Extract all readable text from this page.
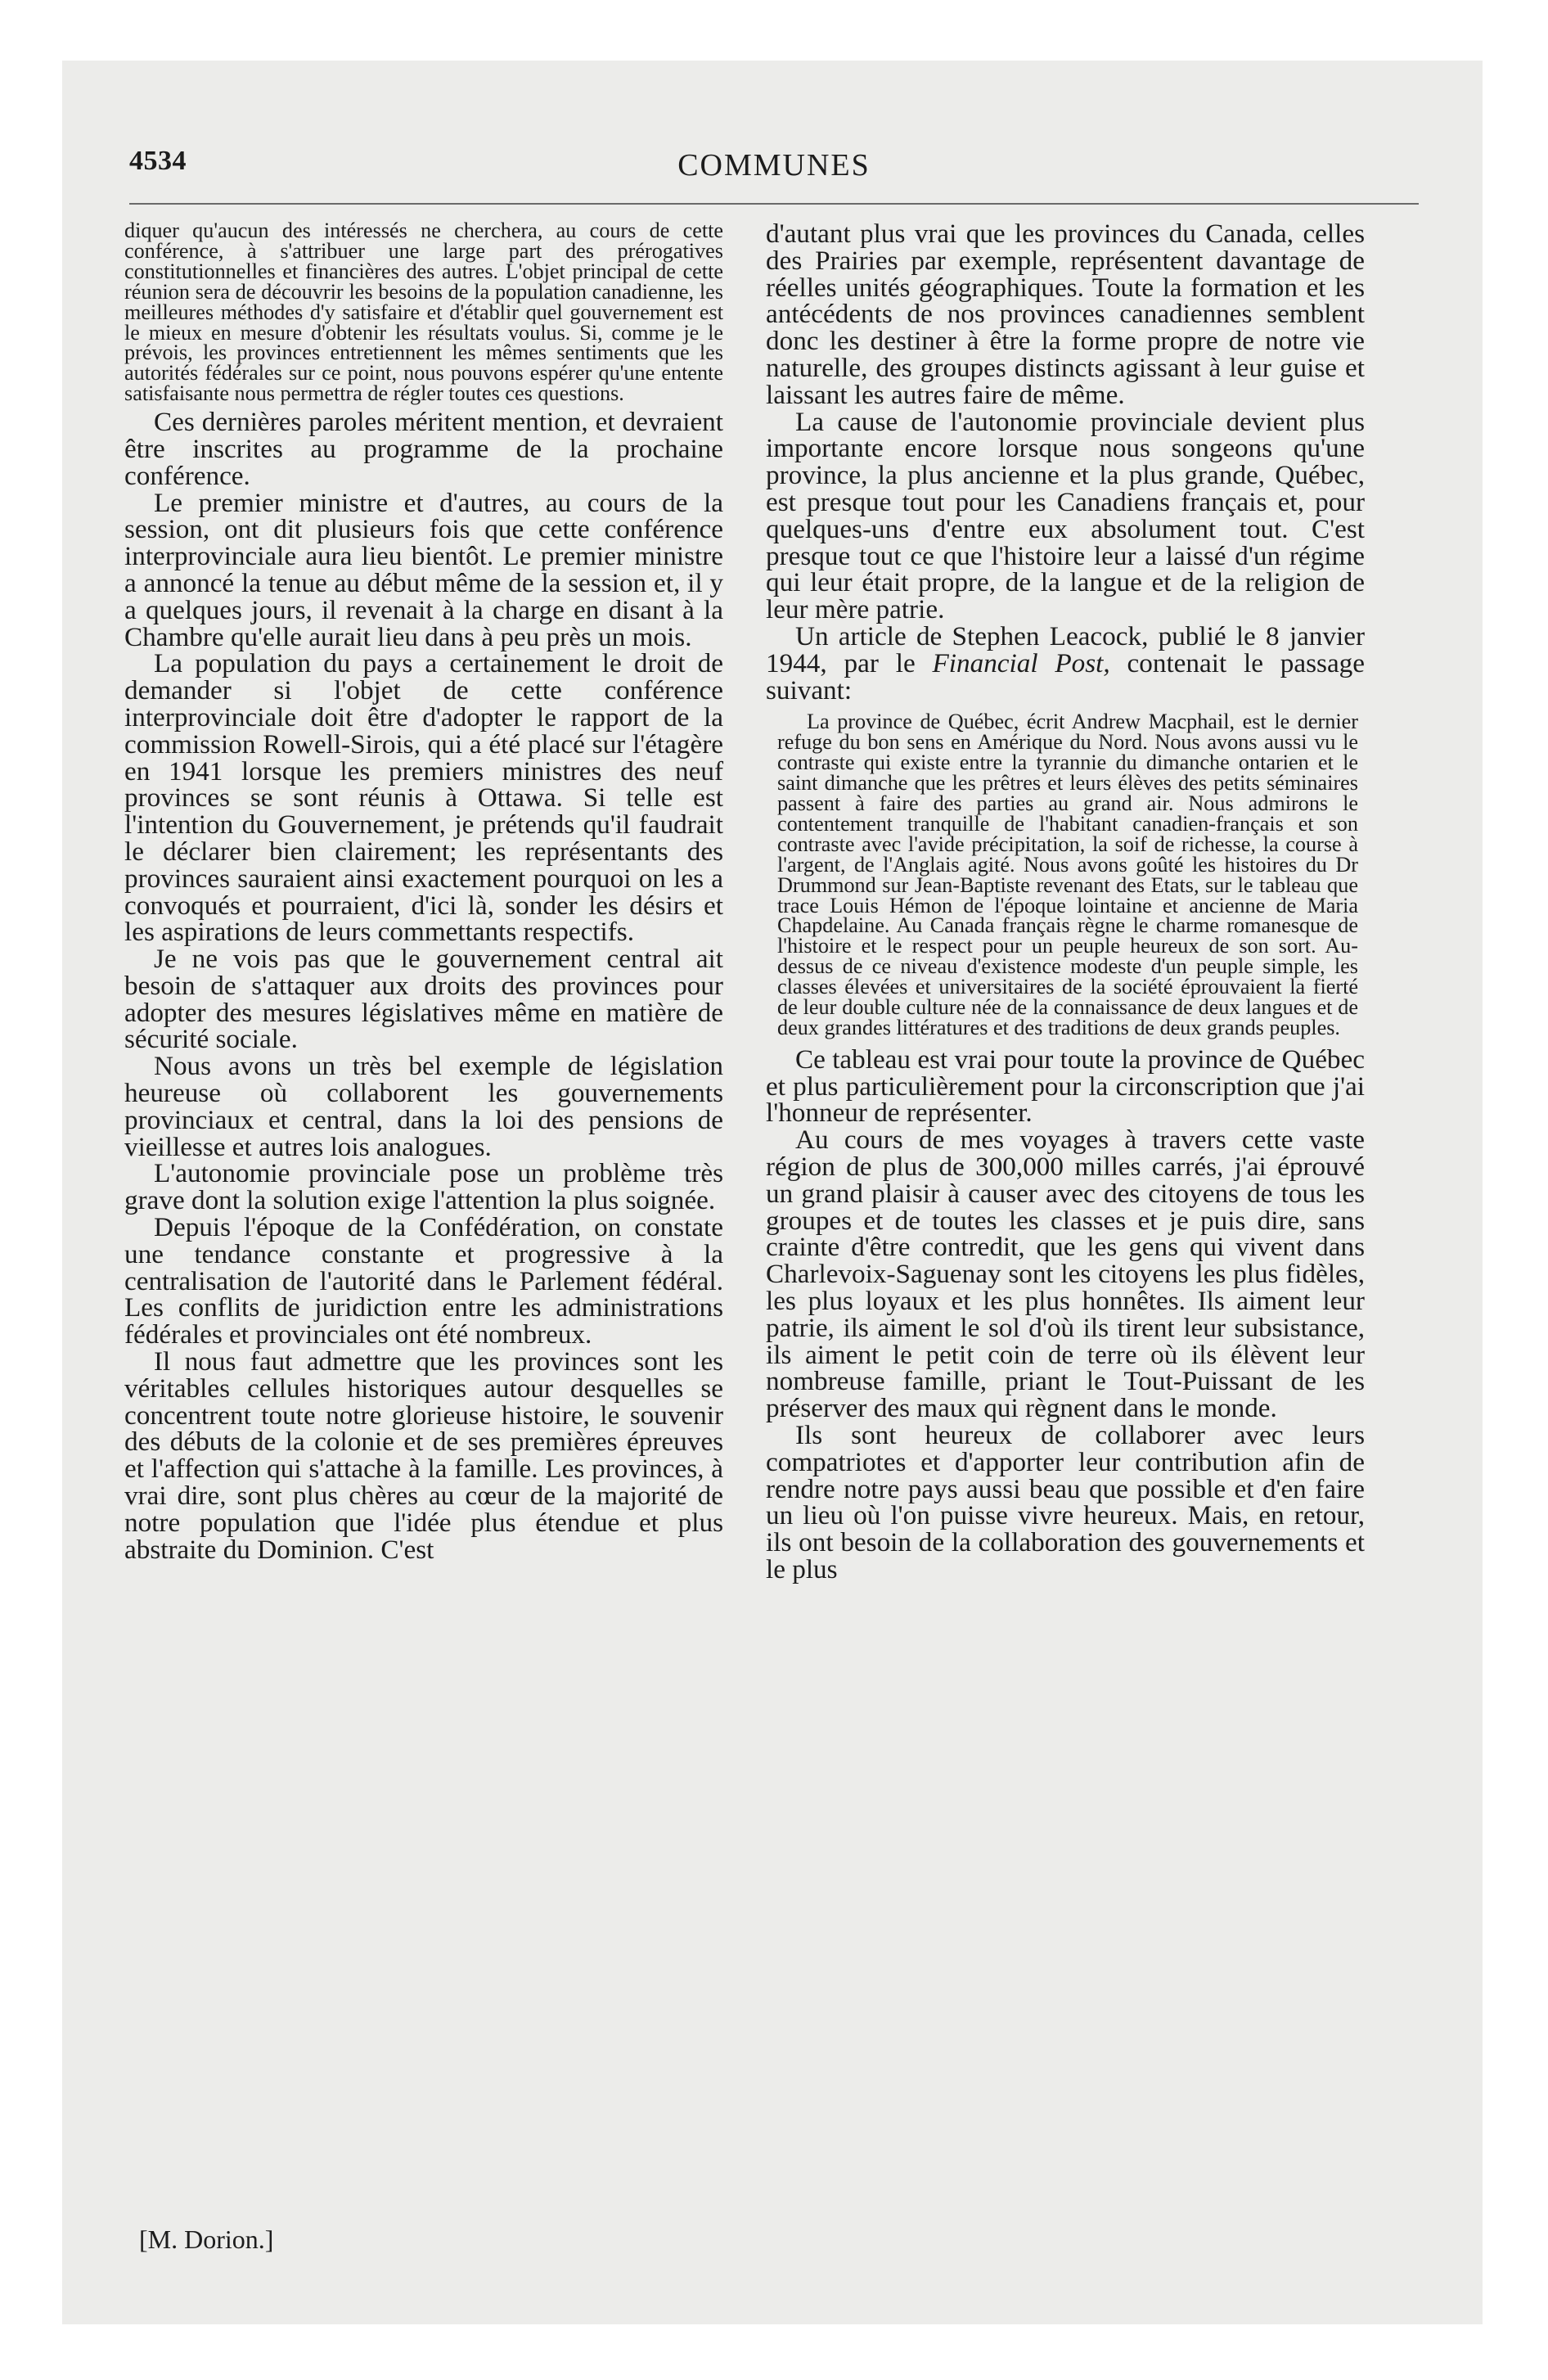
4534	COMMUNES

diquer qu'aucun des intéressés ne cherchera, au cours de cette conférence, à s'attribuer une large part des prérogatives constitutionnelles et financières des autres. L'objet principal de cette réunion sera de découvrir les besoins de la population canadienne, les meilleures méthodes d'y satisfaire et d'établir quel gouvernement est le mieux en mesure d'obtenir les résultats voulus. Si, comme je le prévois, les provinces entretiennent les mêmes sentiments que les autorités fédérales sur ce point, nous pouvons espérer qu'une entente satisfaisante nous permettra de régler toutes ces questions.

Ces dernières paroles méritent mention, et devraient être inscrites au programme de la prochaine conférence.

Le premier ministre et d'autres, au cours de la session, ont dit plusieurs fois que cette conférence interprovinciale aura lieu bientôt. Le premier ministre a annoncé la tenue au début même de la session et, il y a quelques jours, il revenait à la charge en disant à la Chambre qu'elle aurait lieu dans à peu près un mois.

La population du pays a certainement le droit de demander si l'objet de cette conférence interprovinciale doit être d'adopter le rapport de la commission Rowell-Sirois, qui a été placé sur l'étagère en 1941 lorsque les premiers ministres des neuf provinces se sont réunis à Ottawa. Si telle est l'intention du Gouvernement, je prétends qu'il faudrait le déclarer bien clairement; les représentants des provinces sauraient ainsi exactement pourquoi on les a convoqués et pourraient, d'ici là, sonder les désirs et les aspirations de leurs commettants respectifs.

Je ne vois pas que le gouvernement central ait besoin de s'attaquer aux droits des provinces pour adopter des mesures législatives même en matière de sécurité sociale.

Nous avons un très bel exemple de législation heureuse où collaborent les gouvernements provinciaux et central, dans la loi des pensions de vieillesse et autres lois analogues.

L'autonomie provinciale pose un problème très grave dont la solution exige l'attention la plus soignée.

Depuis l'époque de la Confédération, on constate une tendance constante et progressive à la centralisation de l'autorité dans le Parlement fédéral. Les conflits de juridiction entre les administrations fédérales et provinciales ont été nombreux.

Il nous faut admettre que les provinces sont les véritables cellules historiques autour desquelles se concentrent toute notre glorieuse histoire, le souvenir des débuts de la colonie et de ses premières épreuves et l'affection qui s'attache à la famille. Les provinces, à vrai dire, sont plus chères au cœur de la majorité de notre population que l'idée plus étendue et plus abstraite du Dominion. C'est

d'autant plus vrai que les provinces du Canada, celles des Prairies par exemple, représentent davantage de réelles unités géographiques. Toute la formation et les antécédents de nos provinces canadiennes semblent donc les destiner à être la forme propre de notre vie naturelle, des groupes distincts agissant à leur guise et laissant les autres faire de même.

La cause de l'autonomie provinciale devient plus importante encore lorsque nous songeons qu'une province, la plus ancienne et la plus grande, Québec, est presque tout pour les Canadiens français et, pour quelques-uns d'entre eux absolument tout. C'est presque tout ce que l'histoire leur a laissé d'un régime qui leur était propre, de la langue et de la religion de leur mère patrie.

Un article de Stephen Leacock, publié le 8 janvier 1944, par le Financial Post, contenait le passage suivant:

La province de Québec, écrit Andrew Macphail, est le dernier refuge du bon sens en Amérique du Nord. Nous avons aussi vu le contraste qui existe entre la tyrannie du dimanche ontarien et le saint dimanche que les prêtres et leurs élèves des petits séminaires passent à faire des parties au grand air. Nous admirons le contentement tranquille de l'habitant canadien-français et son contraste avec l'avide précipitation, la soif de richesse, la course à l'argent, de l'Anglais agité. Nous avons goûté les histoires du Dr Drummond sur Jean-Baptiste revenant des Etats, sur le tableau que trace Louis Hémon de l'époque lointaine et ancienne de Maria Chapdelaine. Au Canada français règne le charme romanesque de l'histoire et le respect pour un peuple heureux de son sort. Au-dessus de ce niveau d'existence modeste d'un peuple simple, les classes élevées et universitaires de la société éprouvaient la fierté de leur double culture née de la connaissance de deux langues et de deux grandes littératures et des traditions de deux grands peuples.

Ce tableau est vrai pour toute la province de Québec et plus particulièrement pour la circonscription que j'ai l'honneur de représenter.

Au cours de mes voyages à travers cette vaste région de plus de 300,000 milles carrés, j'ai éprouvé un grand plaisir à causer avec des citoyens de tous les groupes et de toutes les classes et je puis dire, sans crainte d'être contredit, que les gens qui vivent dans Charlevoix-Saguenay sont les citoyens les plus fidèles, les plus loyaux et les plus honnêtes. Ils aiment leur patrie, ils aiment le sol d'où ils tirent leur subsistance, ils aiment le petit coin de terre où ils élèvent leur nombreuse famille, priant le Tout-Puissant de les préserver des maux qui règnent dans le monde.

Ils sont heureux de collaborer avec leurs compatriotes et d'apporter leur contribution afin de rendre notre pays aussi beau que possible et d'en faire un lieu où l'on puisse vivre heureux. Mais, en retour, ils ont besoin de la collaboration des gouvernements et le plus

[M. Dorion.]
